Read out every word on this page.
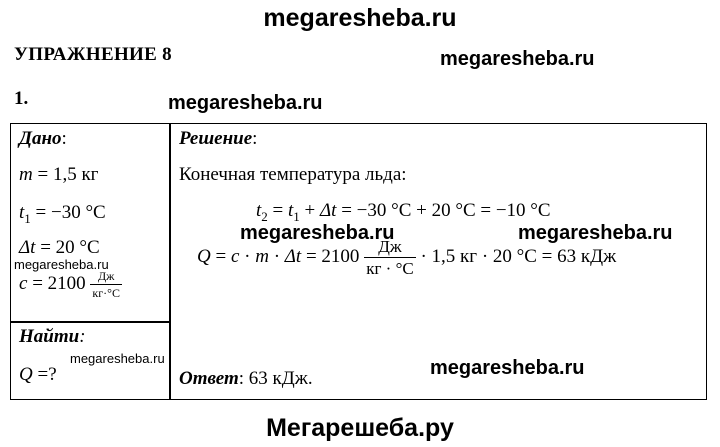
megaresheba.ru
УПРАЖНЕНИЕ 8	megaresheba.ru
1.	megaresheba.ru
Дано:
m = 1,5 кг
$t_1 = -30$ °C
Δt = 20 °C
$c = 2100 \frac{Дж}{кг\cdot^\circ C}$
Найти:
Q =?
Решение:
Конечная температура льда:
$t_2 = t_1 + \Delta t = -30$ °C + 20 °C = −10 °C
$Q = c \cdot m \cdot \Delta t = 2100 \frac{Дж}{кг \cdot ^\circ C} \cdot 1,5$ кг · 20 °C = 63 кДж
Ответ: 63 кДж.
megaresheba.ru	megaresheba.ru
megaresheba.ru
megaresheba.ru	megaresheba.ru
Мегарешеба.ру
